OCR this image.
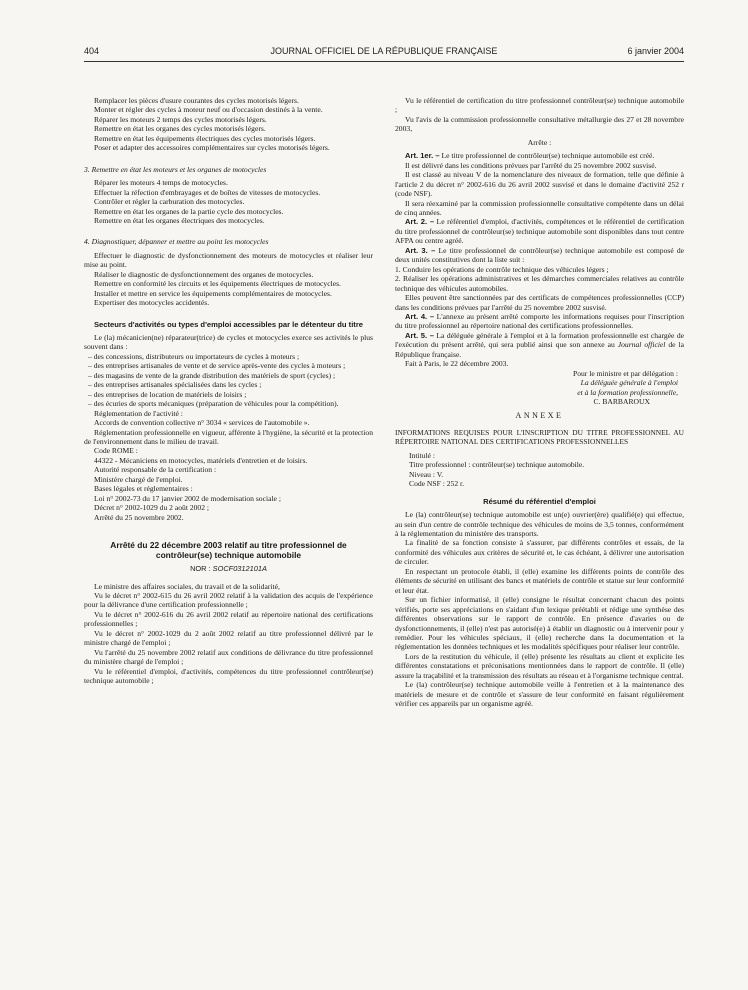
404	JOURNAL OFFICIEL DE LA RÉPUBLIQUE FRANÇAISE	6 janvier 2004

Remplacer les pièces d'usure courantes des cycles motorisés légers.

Monter et régler des cycles à moteur neuf ou d'occasion destinés à la vente.

Réparer les moteurs 2 temps des cycles motorisés légers.

Remettre en état les organes des cycles motorisés légers.

Remettre en état les équipements électriques des cycles motorisés légers.

Poser et adapter des accessoires complémentaires sur cycles motorisés légers.

3. Remettre en état les moteurs et les organes de motocycles

Réparer les moteurs 4 temps de motocycles.

Effectuer la réfection d'embrayages et de boîtes de vitesses de motocycles.

Contrôler et régler la carburation des motocycles.

Remettre en état les organes de la partie cycle des motocycles.

Remettre en état les organes électriques des motocycles.

4. Diagnostiquer, dépanner et mettre au point les motocycles

Effectuer le diagnostic de dysfonctionnement des moteurs de motocycles et réaliser leur mise au point.

Réaliser le diagnostic de dysfonctionnement des organes de motocycles.

Remettre en conformité les circuits et les équipements électriques de motocycles.

Installer et mettre en service les équipements complémentaires de motocycles.

Expertiser des motocycles accidentés.

Secteurs d'activités ou types d'emploi accessibles par le détenteur du titre

Le (la) mécanicien(ne) réparateur(trice) de cycles et motocycles exerce ses activités le plus souvent dans :

– des concessions, distributeurs ou importateurs de cycles à moteurs ;
– des entreprises artisanales de vente et de service après-vente des cycles à moteurs ;
– des magasins de vente de la grande distribution des matériels de sport (cycles) ;
– des entreprises artisanales spécialisées dans les cycles ;
– des entreprises de location de matériels de loisirs ;
– des écuries de sports mécaniques (préparation de véhicules pour la compétition).

Réglementation de l'activité :

Accords de convention collective n° 3034 « services de l'automobile ».

Réglementation professionnelle en vigueur, afférente à l'hygiène, la sécurité et la protection de l'environnement dans le milieu de travail.

Code ROME :

44322 - Mécaniciens en motocycles, matériels d'entretien et de loisirs.

Autorité responsable de la certification :

Ministère chargé de l'emploi.

Bases légales et réglementaires :

Loi n° 2002-73 du 17 janvier 2002 de modernisation sociale ;

Décret n° 2002-1029 du 2 août 2002 ;

Arrêté du 25 novembre 2002.

Arrêté du 22 décembre 2003 relatif au titre professionnel de contrôleur(se) technique automobile
NOR : SOCF0312101A

Le ministre des affaires sociales, du travail et de la solidarité,

Vu le décret n° 2002-615 du 26 avril 2002 relatif à la validation des acquis de l'expérience pour la délivrance d'une certification professionnelle ;

Vu le décret n° 2002-616 du 26 avril 2002 relatif au répertoire national des certifications professionnelles ;

Vu le décret n° 2002-1029 du 2 août 2002 relatif au titre professionnel délivré par le ministre chargé de l'emploi ;

Vu l'arrêté du 25 novembre 2002 relatif aux conditions de délivrance du titre professionnel du ministère chargé de l'emploi ;

Vu le référentiel d'emploi, d'activités, compétences du titre professionnel contrôleur(se) technique automobile ;

Vu le référentiel de certification du titre professionnel contrôleur(se) technique automobile ;

Vu l'avis de la commission professionnelle consultative métallurgie des 27 et 28 novembre 2003,

Arrête :

Art. 1er. – Le titre professionnel de contrôleur(se) technique automobile est créé.

Il est délivré dans les conditions prévues par l'arrêté du 25 novembre 2002 susvisé.

Il est classé au niveau V de la nomenclature des niveaux de formation, telle que définie à l'article 2 du décret n° 2002-616 du 26 avril 2002 susvisé et dans le domaine d'activité 252 r (code NSF).

Il sera réexaminé par la commission professionnelle consultative compétente dans un délai de cinq années.

Art. 2. – Le référentiel d'emploi, d'activités, compétences et le référentiel de certification du titre professionnel de contrôleur(se) technique automobile sont disponibles dans tout centre AFPA ou centre agréé.

Art. 3. – Le titre professionnel de contrôleur(se) technique automobile est composé de deux unités constitutives dont la liste suit :

1. Conduire les opérations de contrôle technique des véhicules légers ;

2. Réaliser les opérations administratives et les démarches commerciales relatives au contrôle technique des véhicules automobiles.

Elles peuvent être sanctionnées par des certificats de compétences professionnelles (CCP) dans les conditions prévues par l'arrêté du 25 novembre 2002 susvisé.

Art. 4. – L'annexe au présent arrêté comporte les informations requises pour l'inscription du titre professionnel au répertoire national des certifications professionnelles.

Art. 5. – La déléguée générale à l'emploi et à la formation professionnelle est chargée de l'exécution du présent arrêté, qui sera publié ainsi que son annexe au Journal officiel de la République française.

Fait à Paris, le 22 décembre 2003.

Pour le ministre et par délégation :

La déléguée générale à l'emploi

et à la formation professionnelle,

C. BARBAROUX

ANNEXE

INFORMATIONS REQUISES POUR L'INSCRIPTION DU TITRE PROFESSIONNEL AU RÉPERTOIRE NATIONAL DES CERTIFICATIONS PROFESSIONNELLES

Intitulé :

Titre professionnel : contrôleur(se) technique automobile.

Niveau : V.

Code NSF : 252 r.

Résumé du référentiel d'emploi

Le (la) contrôleur(se) technique automobile est un(e) ouvrier(ère) qualifié(e) qui effectue, au sein d'un centre de contrôle technique des véhicules de moins de 3,5 tonnes, conformément à la réglementation du ministère des transports.

La finalité de sa fonction consiste à s'assurer, par différents contrôles et essais, de la conformité des véhicules aux critères de sécurité et, le cas échéant, à délivrer une autorisation de circuler.

En respectant un protocole établi, il (elle) examine les différents points de contrôle des éléments de sécurité en utilisant des bancs et matériels de contrôle et statue sur leur conformité et leur état.

Sur un fichier informatisé, il (elle) consigne le résultat concernant chacun des points vérifiés, porte ses appréciations en s'aidant d'un lexique préétabli et rédige une synthèse des différentes observations sur le rapport de contrôle. En présence d'avaries ou de dysfonctionnements, il (elle) n'est pas autorisé(e) à établir un diagnostic ou à intervenir pour y remédier. Pour les véhicules spéciaux, il (elle) recherche dans la documentation et la réglementation les données techniques et les modalités spécifiques pour réaliser leur contrôle.

Lors de la restitution du véhicule, il (elle) présente les résultats au client et explicite les différentes constatations et préconisations mentionnées dans le rapport de contrôle. Il (elle) assure la traçabilité et la transmission des résultats au réseau et à l'organisme technique central.

Le (la) contrôleur(se) technique automobile veille à l'entretien et à la maintenance des matériels de mesure et de contrôle et s'assure de leur conformité en faisant régulièrement vérifier ces appareils par un organisme agréé.
